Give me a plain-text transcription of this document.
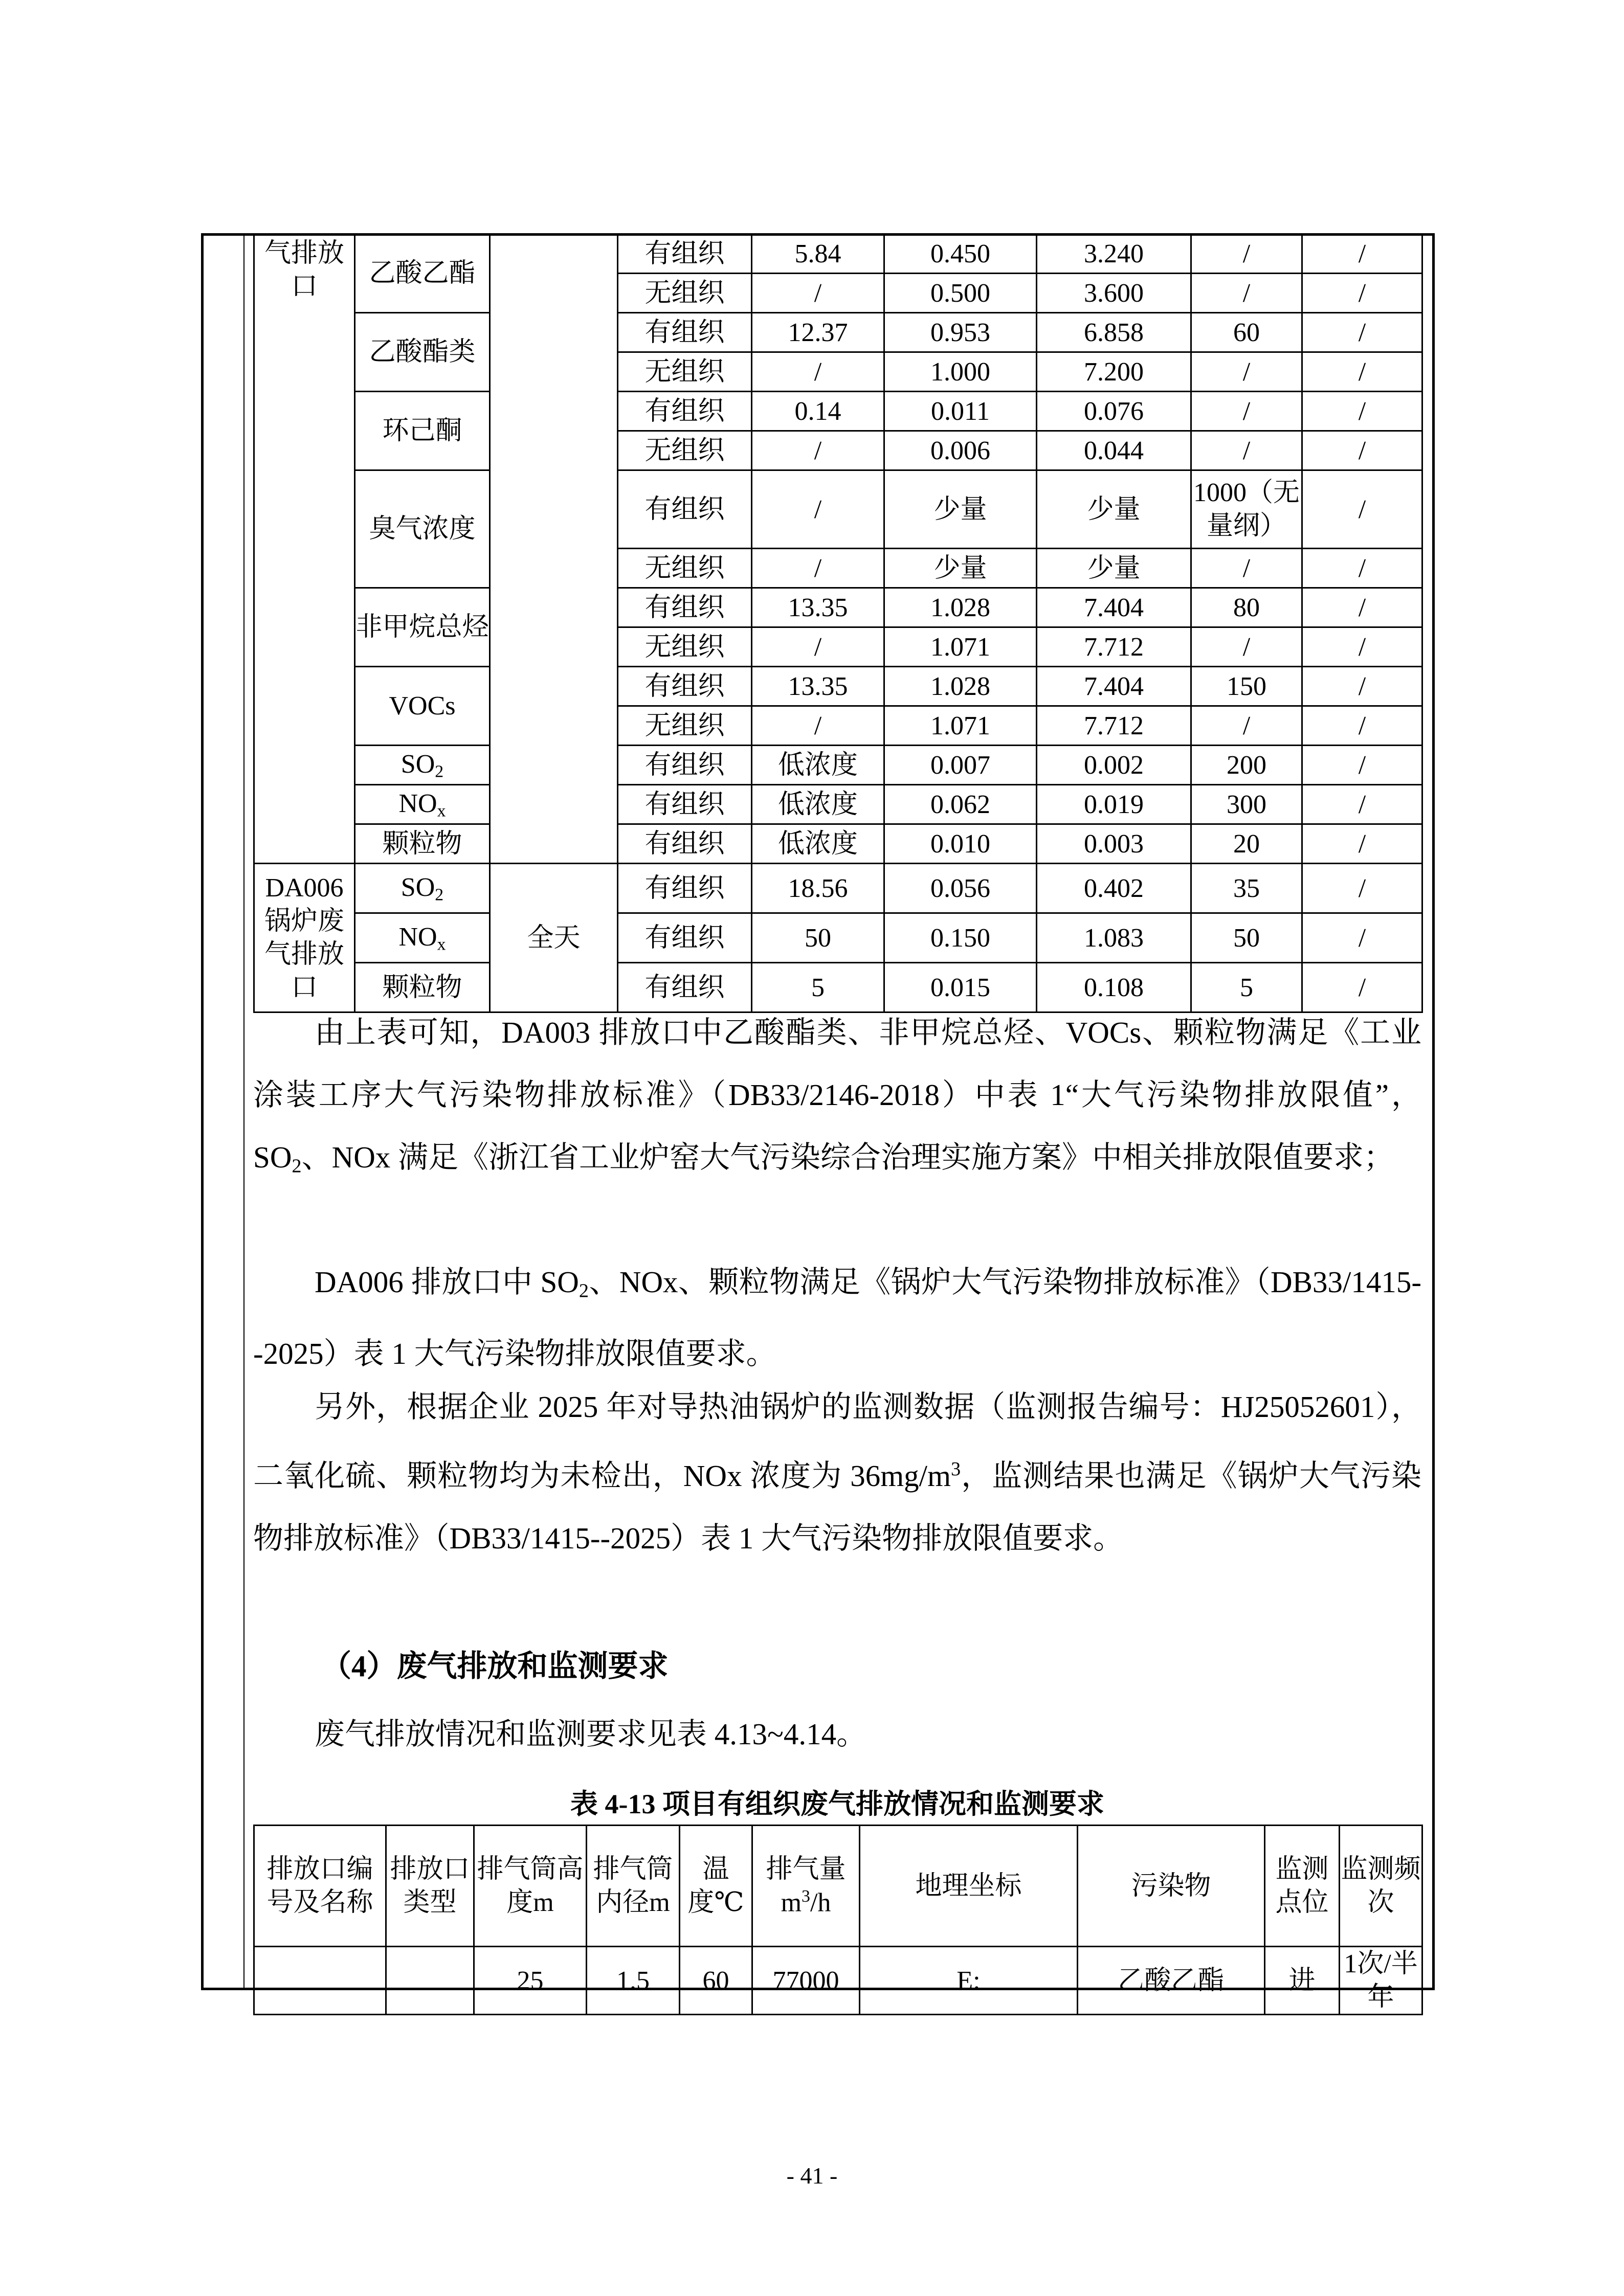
气排放口	乙酸乙酯		有组织	5.84	0.450	3.240	/	/
			无组织	/	0.500	3.600	/	/
	乙酸酯类		有组织	12.37	0.953	6.858	60	/
			无组织	/	1.000	7.200	/	/
	环己酮		有组织	0.14	0.011	0.076	/	/
			无组织	/	0.006	0.044	/	/
	臭气浓度		有组织	/	少量	少量	1000（无量纲）	/
			无组织	/	少量	少量	/	/
	非甲烷总烃		有组织	13.35	1.028	7.404	80	/
			无组织	/	1.071	7.712	/	/
	VOCs		有组织	13.35	1.028	7.404	150	/
			无组织	/	1.071	7.712	/	/
	$SO_2$		有组织	低浓度	0.007	0.002	200	/
	$NO_x$		有组织	低浓度	0.062	0.019	300	/
	颗粒物		有组织	低浓度	0.010	0.003	20	/
DA006锅炉废气排放口	$SO_2$	全天	有组织	18.56	0.056	0.402	35	/
	$NO_x$		有组织	50	0.150	1.083	50	/
	颗粒物		有组织	5	0.015	0.108	5	/

由上表可知，DA003 排放口中乙酸酯类、非甲烷总烃、VOCs、颗粒物满足《工业涂装工序大气污染物排放标准》（DB33/2146-2018）中表 1“大气污染物排放限值”，$SO_2$、NOx 满足《浙江省工业炉窑大气污染综合治理实施方案》中相关排放限值要求；

DA006 排放口中 $SO_2$、NOx、颗粒物满足《锅炉大气污染物排放标准》（DB33/1415--2025）表 1 大气污染物排放限值要求。

另外，根据企业 2025 年对导热油锅炉的监测数据（监测报告编号：HJ25052601），二氧化硫、颗粒物均为未检出，NOx 浓度为 $36mg/m^3$，监测结果也满足《锅炉大气污染物排放标准》（DB33/1415--2025）表 1 大气污染物排放限值要求。

（4）废气排放和监测要求

废气排放情况和监测要求见表 4.13~4.14。

表 4-13 项目有组织废气排放情况和监测要求

排放口编号及名称	排放口类型	排气筒高度m	排气筒内径m	温度℃	排气量$m^3/h$	地理坐标	污染物	监测点位	监测频次
		25	1.5	60	77000	E:	乙酸乙酯	进	1次/半年

- 41 -
